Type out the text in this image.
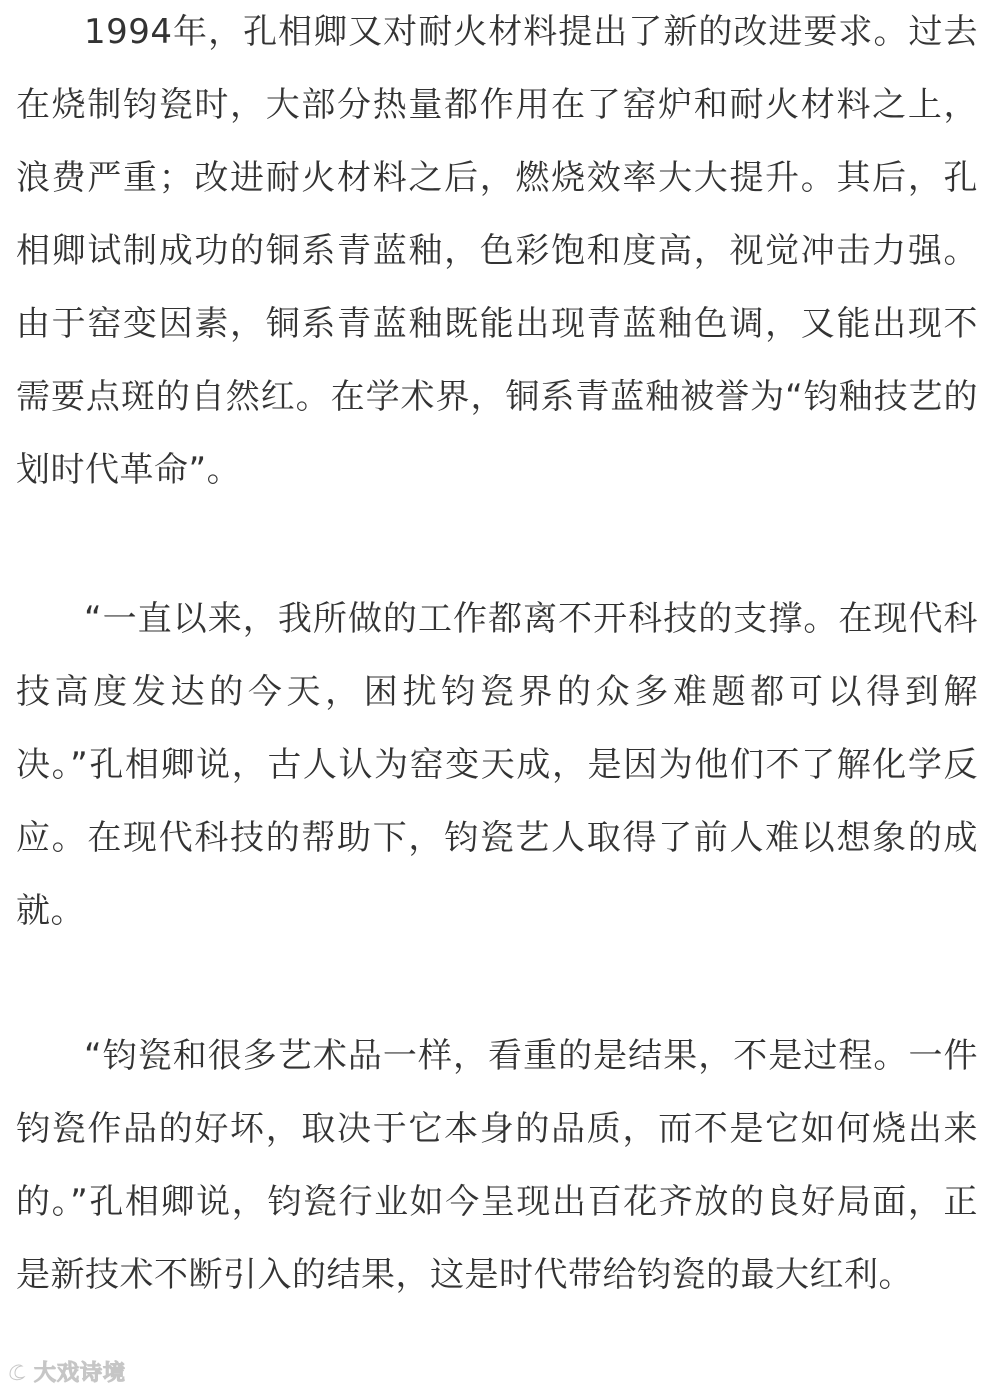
1994年，孔相卿又对耐火材料提出了新的改进要求。过去在烧制钧瓷时，大部分热量都作用在了窑炉和耐火材料之上，浪费严重；改进耐火材料之后，燃烧效率大大提升。其后，孔相卿试制成功的铜系青蓝釉，色彩饱和度高，视觉冲击力强。由于窑变因素，铜系青蓝釉既能出现青蓝釉色调，又能出现不需要点斑的自然红。在学术界，铜系青蓝釉被誉为“钧釉技艺的划时代革命”。

“一直以来，我所做的工作都离不开科技的支撑。在现代科技高度发达的今天，困扰钧瓷界的众多难题都可以得到解决。”孔相卿说，古人认为窑变天成，是因为他们不了解化学反应。在现代科技的帮助下，钧瓷艺人取得了前人难以想象的成就。

“钧瓷和很多艺术品一样，看重的是结果，不是过程。一件钧瓷作品的好坏，取决于它本身的品质，而不是它如何烧出来的。”孔相卿说，钧瓷行业如今呈现出百花齐放的良好局面，正是新技术不断引入的结果，这是时代带给钧瓷的最大红利。

大戏诗境
